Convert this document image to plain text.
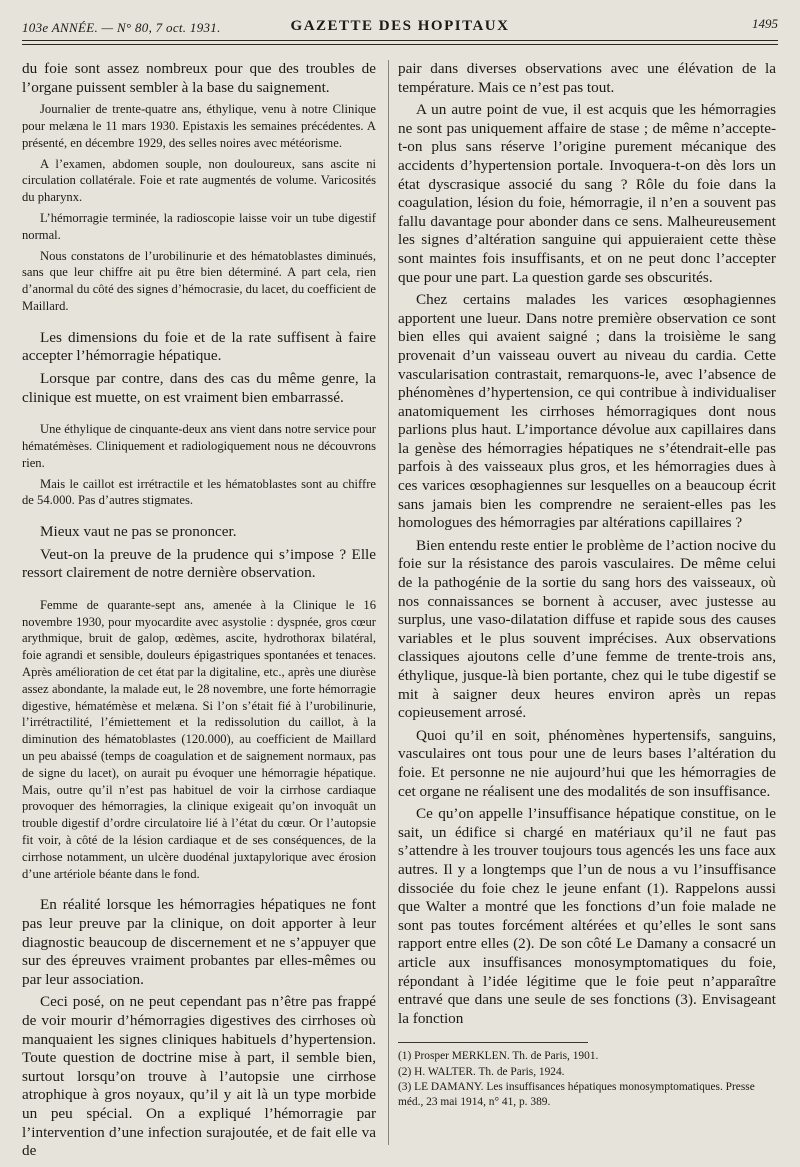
103e ANNÉE. — N° 80, 7 oct. 1931.	GAZETTE DES HOPITAUX	1495

du foie sont assez nombreux pour que des troubles de l’organe puissent sembler à la base du saignement.

Journalier de trente-quatre ans, éthylique, venu à notre Clinique pour melæna le 11 mars 1930. Epistaxis les semaines précédentes. A présenté, en décembre 1929, des selles noires avec météorisme.

A l’examen, abdomen souple, non douloureux, sans ascite ni circulation collatérale. Foie et rate augmentés de volume. Varicosités du pharynx.

L’hémorragie terminée, la radioscopie laisse voir un tube digestif normal.

Nous constatons de l’urobilinurie et des hématoblastes diminués, sans que leur chiffre ait pu être bien déterminé. A part cela, rien d’anormal du côté des signes d’hémocrasie, du lacet, du coefficient de Maillard.

Les dimensions du foie et de la rate suffisent à faire accepter l’hémorragie hépatique.

Lorsque par contre, dans des cas du même genre, la clinique est muette, on est vraiment bien embarrassé.

Une éthylique de cinquante-deux ans vient dans notre service pour hématémèses. Cliniquement et radiologiquement nous ne découvrons rien.

Mais le caillot est irrétractile et les hématoblastes sont au chiffre de 54.000. Pas d’autres stigmates.

Mieux vaut ne pas se prononcer.

Veut-on la preuve de la prudence qui s’impose ? Elle ressort clairement de notre dernière observation.

Femme de quarante-sept ans, amenée à la Clinique le 16 novembre 1930, pour myocardite avec asystolie : dyspnée, gros cœur arythmique, bruit de galop, œdèmes, ascite, hydrothorax bilatéral, foie agrandi et sensible, douleurs épigastriques spontanées et tenaces. Après amélioration de cet état par la digitaline, etc., après une diurèse assez abondante, la malade eut, le 28 novembre, une forte hémorragie digestive, hématémèse et melæna. Si l’on s’était fié à l’urobilinurie, l’irrétractilité, l’émiettement et la redissolution du caillot, à la diminution des hématoblastes (120.000), au coefficient de Maillard un peu abaissé (temps de coagulation et de saignement normaux, pas de signe du lacet), on aurait pu évoquer une hémorragie hépatique. Mais, outre qu’il n’est pas habituel de voir la cirrhose cardiaque provoquer des hémorragies, la clinique exigeait qu’on invoquât un trouble digestif d’ordre circulatoire lié à l’état du cœur. Or l’autopsie fit voir, à côté de la lésion cardiaque et de ses conséquences, de la cirrhose notamment, un ulcère duodénal juxtapylorique avec érosion d’une artériole béante dans le fond.

En réalité lorsque les hémorragies hépatiques ne font pas leur preuve par la clinique, on doit apporter à leur diagnostic beaucoup de discernement et ne s’appuyer que sur des épreuves vraiment probantes par elles-mêmes ou par leur association.

Ceci posé, on ne peut cependant pas n’être pas frappé de voir mourir d’hémorragies digestives des cirrhoses où manquaient les signes cliniques habituels d’hypertension. Toute question de doctrine mise à part, il semble bien, surtout lorsqu’on trouve à l’autopsie une cirrhose atrophique à gros noyaux, qu’il y ait là un type morbide un peu spécial. On a expliqué l’hémorragie par l’intervention d’une infection surajoutée, et de fait elle va de

pair dans diverses observations avec une élévation de la température. Mais ce n’est pas tout.

A un autre point de vue, il est acquis que les hémorragies ne sont pas uniquement affaire de stase ; de même n’accepte-t-on plus sans réserve l’origine purement mécanique des accidents d’hypertension portale. Invoquera-t-on dès lors un état dyscrasique associé du sang ? Rôle du foie dans la coagulation, lésion du foie, hémorragie, il n’en a souvent pas fallu davantage pour abonder dans ce sens. Malheureusement les signes d’altération sanguine qui appuieraient cette thèse sont maintes fois insuffisants, et on ne peut donc l’accepter que pour une part. La question garde ses obscurités.

Chez certains malades les varices œsophagiennes apportent une lueur. Dans notre première observation ce sont bien elles qui avaient saigné ; dans la troisième le sang provenait d’un vaisseau ouvert au niveau du cardia. Cette vascularisation contrastait, remarquons-le, avec l’absence de phénomènes d’hypertension, ce qui contribue à individualiser anatomiquement les cirrhoses hémorragiques dont nous parlions plus haut. L’importance dévolue aux capillaires dans la genèse des hémorragies hépatiques ne s’étendrait-elle pas parfois à des vaisseaux plus gros, et les hémorragies dues à ces varices œsophagiennes sur lesquelles on a beaucoup écrit sans jamais bien les comprendre ne seraient-elles pas les homologues des hémorragies par altérations capillaires ?

Bien entendu reste entier le problème de l’action nocive du foie sur la résistance des parois vasculaires. De même celui de la pathogénie de la sortie du sang hors des vaisseaux, où nos connaissances se bornent à accuser, avec justesse au surplus, une vaso-dilatation diffuse et rapide sous des causes variables et le plus souvent imprécises. Aux observations classiques ajoutons celle d’une femme de trente-trois ans, éthylique, jusque-là bien portante, chez qui le tube digestif se mit à saigner deux heures environ après un repas copieusement arrosé.

Quoi qu’il en soit, phénomènes hypertensifs, sanguins, vasculaires ont tous pour une de leurs bases l’altération du foie. Et personne ne nie aujourd’hui que les hémorragies de cet organe ne réalisent une des modalités de son insuffisance.

Ce qu’on appelle l’insuffisance hépatique constitue, on le sait, un édifice si chargé en matériaux qu’il ne faut pas s’attendre à les trouver toujours tous agencés les uns face aux autres. Il y a longtemps que l’un de nous a vu l’insuffisance dissociée du foie chez le jeune enfant (1). Rappelons aussi que Walter a montré que les fonctions d’un foie malade ne sont pas toutes forcément altérées et qu’elles le sont sans rapport entre elles (2). De son côté Le Damany a consacré un article aux insuffisances monosymptomatiques du foie, répondant à l’idée légitime que le foie peut n’apparaître entravé que dans une seule de ses fonctions (3). Envisageant la fonction

(1) Prosper MERKLEN. Th. de Paris, 1901.

(2) H. WALTER. Th. de Paris, 1924.

(3) LE DAMANY. Les insuffisances hépatiques monosymptomatiques. Presse méd., 23 mai 1914, n° 41, p. 389.
